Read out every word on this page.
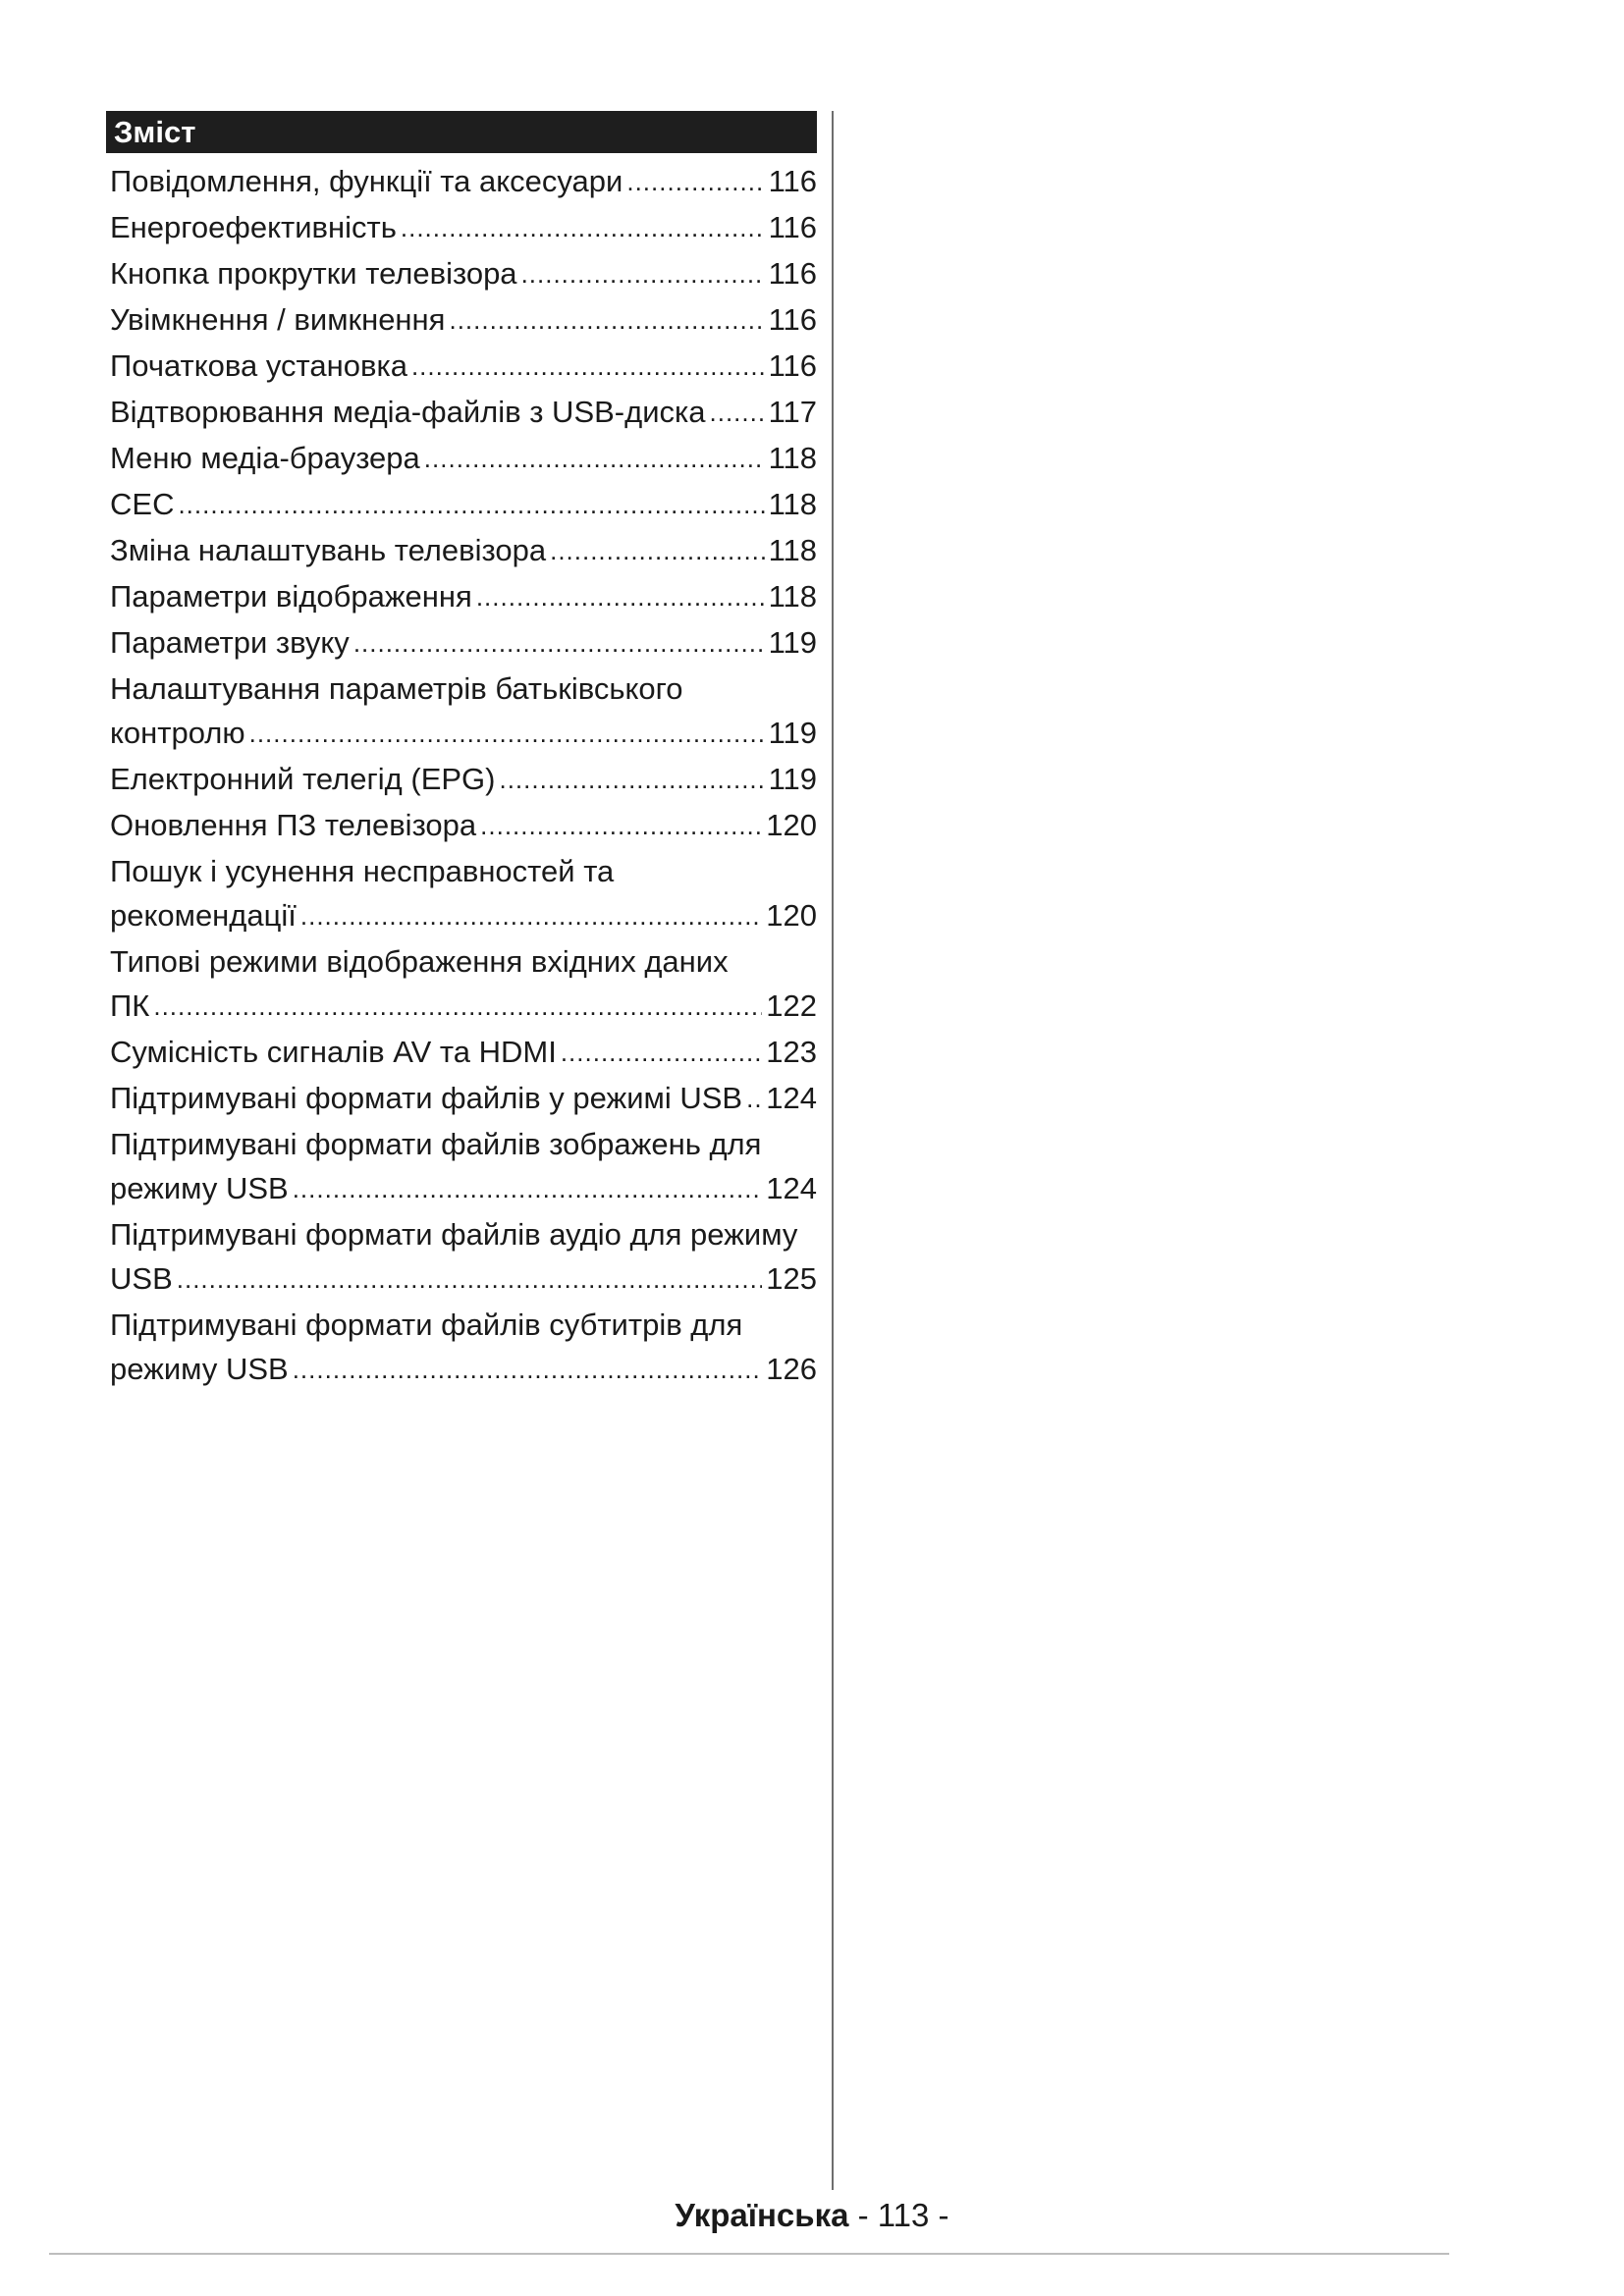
Зміст
Повідомлення, функції та аксесуари .....	116
Енергоефективність .....	116
Кнопка прокрутки телевізора .....	116
Увімкнення / вимкнення .....	116
Початкова установка .....	116
Відтворювання медіа-файлів з USB-диска ..... 117
Меню медіа-браузера .....	118
CEC .....	118
Зміна налаштувань телевізора .....	118
Параметри відображення .....	118
Параметри звуку .....	119
Налаштування параметрів батьківського
контролю .....	119
Електронний телегід (EPG) .....	119
Оновлення ПЗ телевізора .....	120
Пошук і усунення несправностей та
рекомендації .....	120
Типові режими відображення вхідних даних
ПК .....	122
Сумісність сигналів AV та HDMI .....	123
Підтримувані формати файлів у режимі USB ..... 124
Підтримувані формати файлів зображень для
режиму USB .....	124
Підтримувані формати файлів аудіо для режиму
USB .....	125
Підтримувані формати файлів субтитрів для
режиму USB .....	126
Українська - 113 -
